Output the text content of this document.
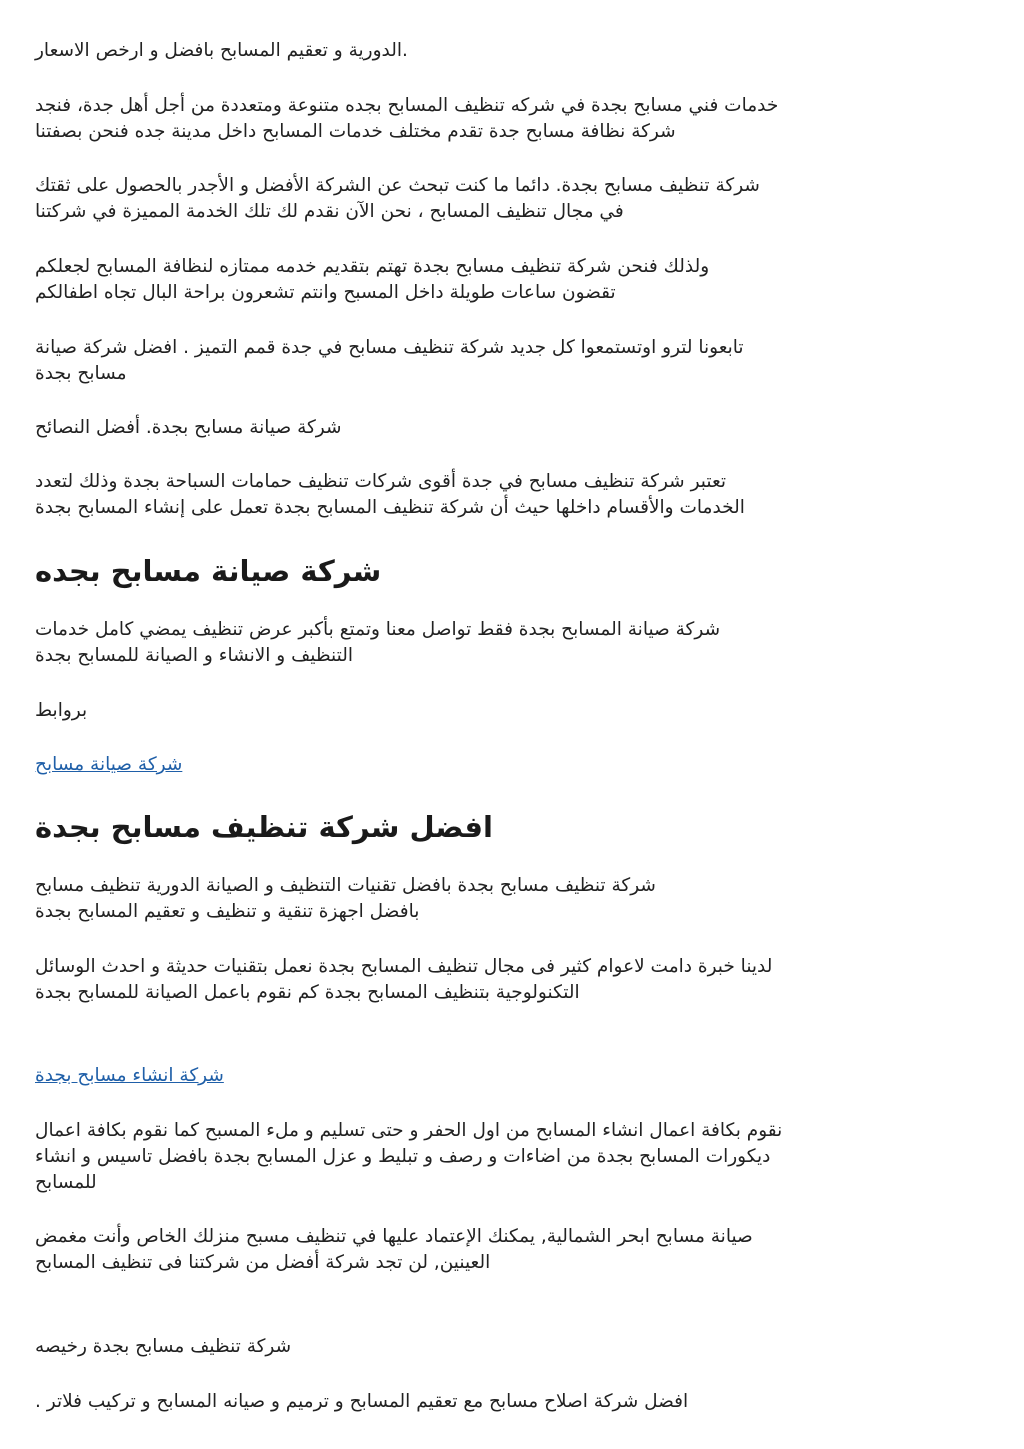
الدورية و تعقيم المسابح بافضل و ارخص الاسعار.

خدمات فني مسابح بجدة في شركه تنظيف المسابح بجده متنوعة ومتعددة من أجل أهل جدة، فنجد
شركة نظافة مسابح جدة تقدم مختلف خدمات المسابح داخل مدينة جده فنحن بصفتنا

شركة تنظيف مسابح بجدة. دائما ما كنت تبحث عن الشركة الأفضل و الأجدر بالحصول على ثقتك
في مجال تنظيف المسابح ، نحن الآن نقدم لك تلك الخدمة المميزة في شركتنا

ولذلك فنحن شركة تنظيف مسابح بجدة تهتم بتقديم خدمه ممتازه لنظافة المسابح لجعلكم
تقضون ساعات طويلة داخل المسبح وانتم تشعرون براحة البال تجاه اطفالكم

تابعونا لترو اوتستمعوا كل جديد شركة تنظيف مسابح في جدة قمم التميز . افضل شركة صيانة
مسابح بجدة

شركة صيانة مسابح بجدة. أفضل النصائح

تعتبر شركة تنظيف مسابح في جدة أقوى شركات تنظيف حمامات السباحة بجدة وذلك لتعدد
الخدمات والأقسام داخلها حيث أن شركة تنظيف المسابح بجدة تعمل على إنشاء المسابح بجدة

شركة صيانة مسابح بجده

شركة صيانة المسابح بجدة فقط تواصل معنا وتمتع بأكبر عرض تنظيف يمضي كامل خدمات
التنظيف و الانشاء و الصيانة للمسابح بجدة

بروابط

شركة صيانة مسابح
افضل شركة تنظيف مسابح بجدة

شركة تنظيف مسابح بجدة بافضل تقنيات التنظيف و الصيانة الدورية تنظيف مسابح
بافضل اجهزة تنقية و تنظيف و تعقيم المسابح بجدة

لدينا خبرة دامت لاعوام كثير فى مجال تنظيف المسابح بجدة نعمل بتقنيات حديثة و احدث الوسائل
التكنولوجية بتنظيف المسابح بجدة كم نقوم باعمل الصيانة للمسابح بجدة

شركة انشاء مسابح بجدة

نقوم بكافة اعمال انشاء المسابح من اول الحفر و حتى تسليم و ملء المسبح كما نقوم بكافة اعمال
ديكورات المسابح بجدة من اضاءات و رصف و تبليط و عزل المسابح بجدة بافضل تاسيس و انشاء
للمسابح

صيانة مسابح ابحر الشمالية, يمكنك الإعتماد عليها في تنظيف مسبح منزلك الخاص وأنت مغمض
العينين, لن تجد شركة أفضل من شركتنا فى تنظيف المسابح

شركة تنظيف مسابح بجدة رخيصه

. افضل شركة اصلاح مسابح مع تعقيم المسابح و ترميم و صيانه المسابح و تركيب فلاتر
